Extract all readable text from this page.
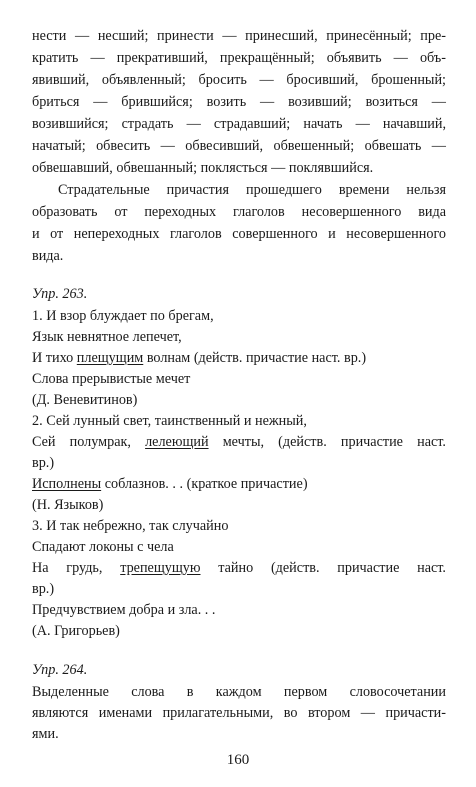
нести — несший; принести — принесший, принесённый; пре-
кратить — прекративший, прекращённый; объявить — объ-
явивший, объявленный; бросить — бросивший, брошенный;
бриться — брившийся; возить — возивший; возиться —
возившийся; страдать — страдавший; начать — начавший,
начатый; обвесить — обвесивший, обвешенный; обвешать —
обвешавший, обвешанный; поклясться — поклявшийся.
Страдательные причастия прошедшего времени нельзя
образовать от переходных глаголов несовершенного вида
и от непереходных глаголов совершенного и несовершенного
вида.
Упр. 263.
1. И взор блуждает по брегам,
Язык невнятное лепечет,
И тихо плещущим волнам (действ. причастие наст. вр.)
Слова прерывистые мечет
(Д. Веневитинов)
2. Сей лунный свет, таинственный и нежный,
Сей полумрак, лелеющий мечты, (действ. причастие наст.
вр.)
Исполнены соблазнов. . . (краткое причастие)
(Н. Языков)
3. И так небрежно, так случайно
Спадают локоны с чела
На грудь, трепещущую тайно (действ. причастие наст.
вр.)
Предчувствием добра и зла. . .
(А. Григорьев)
Упр. 264.
Выделенные слова в каждом первом словосочетании
являются именами прилагательными, во втором — причасти-
ями.
160
